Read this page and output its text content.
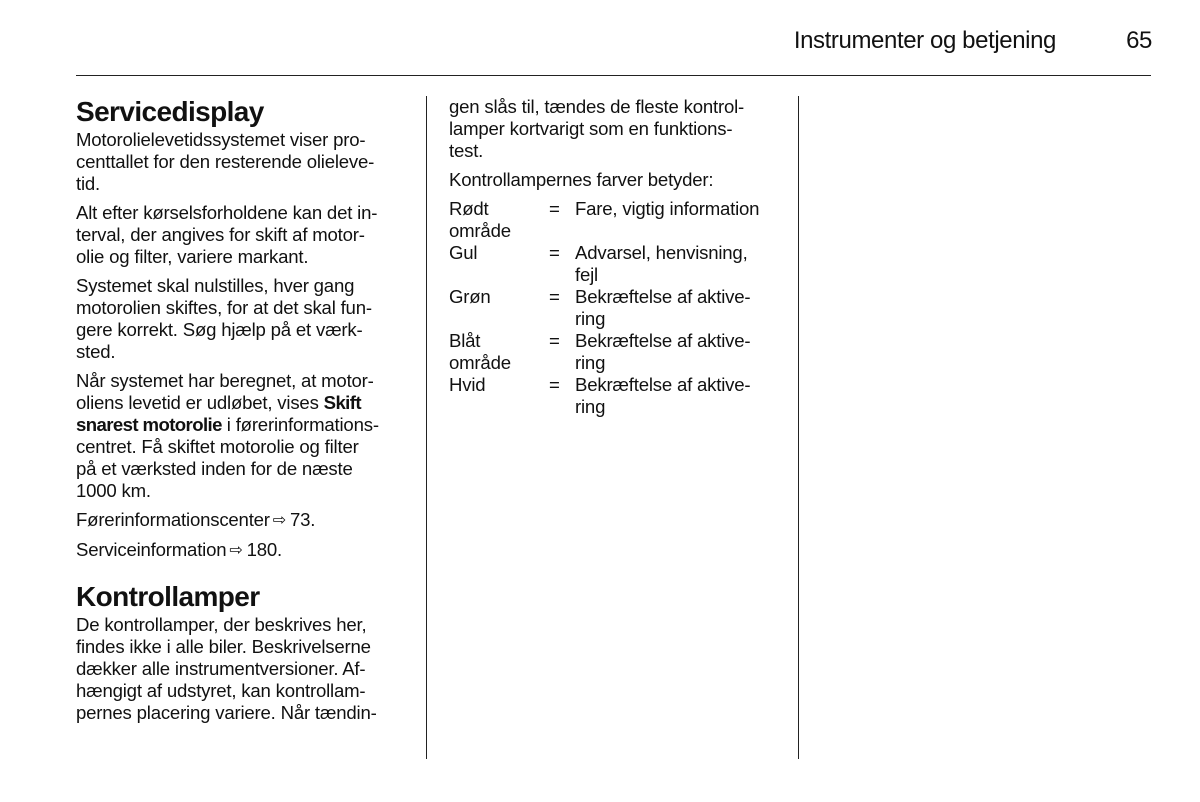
Instrumenter og betjening	65
Servicedisplay
Motorolielevetidssystemet viser pro-
centtallet for den resterende olieleve-
tid.
Alt efter kørselsforholdene kan det in-
terval, der angives for skift af motor-
olie og filter, variere markant.
Systemet skal nulstilles, hver gang
motorolien skiftes, for at det skal fun-
gere korrekt. Søg hjælp på et værk-
sted.
Når systemet har beregnet, at motor-
oliens levetid er udløbet, vises Skift
snarest motorolie i førerinformations-
centret. Få skiftet motorolie og filter
på et værksted inden for de næste
1000 km.
Førerinformationscenter ⇨ 73.
Serviceinformation ⇨ 180.
Kontrollamper
De kontrollamper, der beskrives her,
findes ikke i alle biler. Beskrivelserne
dækker alle instrumentversioner. Af-
hængigt af udstyret, kan kontrollam-
pernes placering variere. Når tændin-
gen slås til, tændes de fleste kontrol-
lamper kortvarigt som en funktions-
test.
Kontrollampernes farver betyder:
Rødt
område
= Fare, vigtig information
Gul	= Advarsel, henvisning,
fejl
Grøn	= Bekræftelse af aktive-
ring
Blåt
område
= Bekræftelse af aktive-
ring
Hvid	= Bekræftelse af aktive-
ring
